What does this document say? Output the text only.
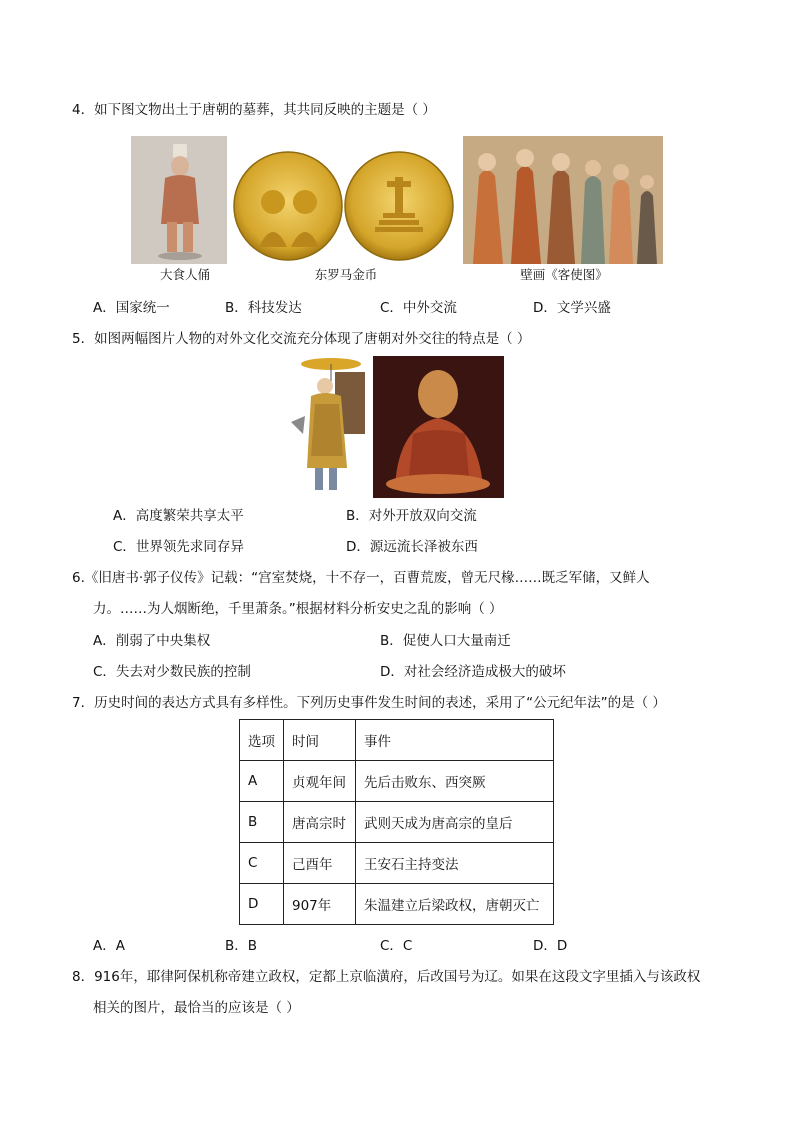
4．如下图文物出土于唐朝的墓葬，其共同反映的主题是（ ）
大食人俑	东罗马金币	壁画《客使图》
A．国家统一	B．科技发达	C．中外交流	D．文学兴盛
5．如图两幅图片人物的对外文化交流充分体现了唐朝对外交往的特点是（ ）
A．高度繁荣共享太平	B．对外开放双向交流
C．世界领先求同存异	D．源远流长泽被东西
6.《旧唐书·郭子仪传》记载：“宫室焚烧，十不存一，百曹荒废，曾无尺椽……既乏军储，又鲜人
力。……为人烟断绝，千里萧条。”根据材料分析安史之乱的影响（ ）
A．削弱了中央集权	B．促使人口大量南迁
C．失去对少数民族的控制	D．对社会经济造成极大的破坏
7．历史时间的表达方式具有多样性。下列历史事件发生时间的表述，采用了“公元纪年法”的是（ ）
选项	时间	事件
A	贞观年间	先后击败东、西突厥
B	唐高宗时	武则天成为唐高宗的皇后
C	己酉年	王安石主持变法
D	907年	朱温建立后梁政权，唐朝灭亡
A．A	B．B	C．C	D．D
8．916年，耶律阿保机称帝建立政权，定都上京临潢府，后改国号为辽。如果在这段文字里插入与该政权
相关的图片，最恰当的应该是（ ）
